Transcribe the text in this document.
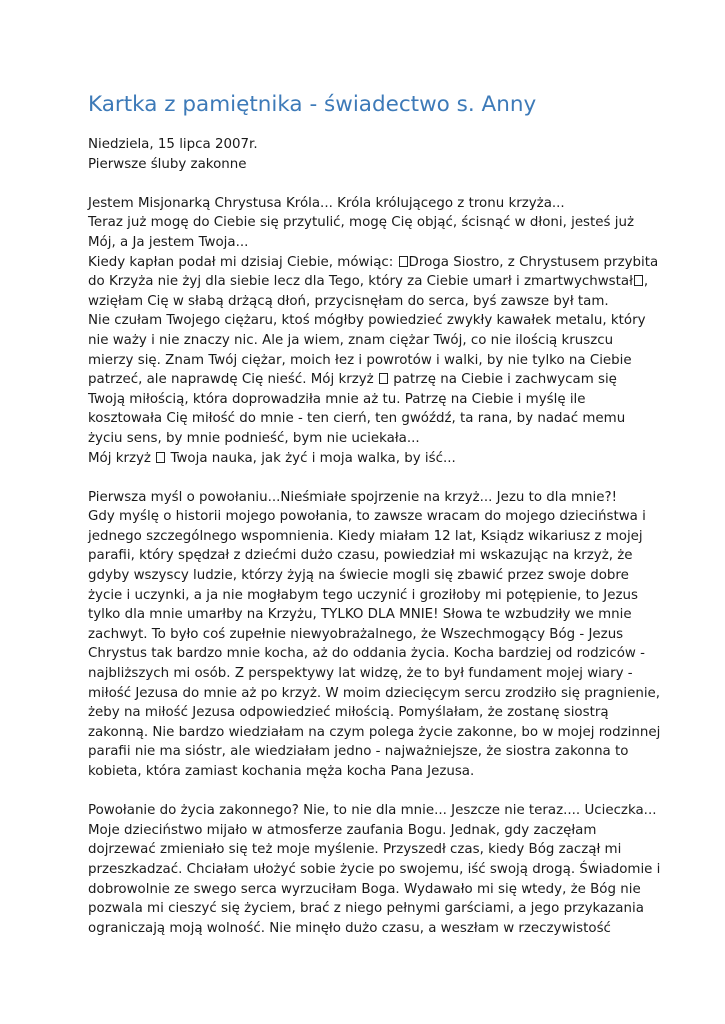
Kartka z pamiętnika - świadectwo s. Anny

Niedziela, 15 lipca 2007r.

Pierwsze śluby zakonne

Jestem Misjonarką Chrystusa Króla... Króla królującego z tronu krzyża...
Teraz już mogę do Ciebie się przytulić, mogę Cię objąć, ścisnąć w dłoni, jesteś już
Mój, a Ja jestem Twoja...
Kiedy kapłan podał mi dzisiaj Ciebie, mówiąc: Droga Siostro, z Chrystusem przybita
do Krzyża nie żyj dla siebie lecz dla Tego, który za Ciebie umarł i zmartwychwstał ,
wzięłam Cię w słabą drżącą dłoń, przycisnęłam do serca, byś zawsze był tam.
Nie czułam Twojego ciężaru, ktoś mógłby powiedzieć zwykły kawałek metalu, który
nie waży i nie znaczy nic. Ale ja wiem, znam ciężar Twój, co nie ilością kruszcu
mierzy się. Znam Twój ciężar, moich łez i powrotów i walki, by nie tylko na Ciebie
patrzeć, ale naprawdę Cię nieść. Mój krzyż  patrzę na Ciebie i zachwycam się
Twoją miłością, która doprowadziła mnie aż tu. Patrzę na Ciebie i myślę ile
kosztowała Cię miłość do mnie - ten cierń, ten gwóźdź, ta rana, by nadać memu
życiu sens, by mnie podnieść, bym nie uciekała...
Mój krzyż  Twoja nauka, jak żyć i moja walka, by iść...
Pierwsza myśl o powołaniu...Nieśmiałe spojrzenie na krzyż... Jezu to dla mnie?!
Gdy myślę o historii mojego powołania, to zawsze wracam do mojego dzieciństwa i
jednego szczególnego wspomnienia. Kiedy miałam 12 lat, Ksiądz wikariusz z mojej
parafii, który spędzał z dziećmi dużo czasu, powiedział mi wskazując na krzyż, że
gdyby wszyscy ludzie, którzy żyją na świecie mogli się zbawić przez swoje dobre
życie i uczynki, a ja nie mogłabym tego uczynić i groziłoby mi potępienie, to Jezus
tylko dla mnie umarłby na Krzyżu, TYLKO DLA MNIE! Słowa te wzbudziły we mnie
zachwyt. To było coś zupełnie niewyobrażalnego, że Wszechmogący Bóg - Jezus
Chrystus tak bardzo mnie kocha, aż do oddania życia. Kocha bardziej od rodziców -
najbliższych mi osób. Z perspektywy lat widzę, że to był fundament mojej wiary -
miłość Jezusa do mnie aż po krzyż. W moim dziecięcym sercu zrodziło się pragnienie,
żeby na miłość Jezusa odpowiedzieć miłością. Pomyślałam, że zostanę siostrą
zakonną. Nie bardzo wiedziałam na czym polega życie zakonne, bo w mojej rodzinnej
parafii nie ma sióstr, ale wiedziałam jedno - najważniejsze, że siostra zakonna to
kobieta, która zamiast kochania męża kocha Pana Jezusa.
Powołanie do życia zakonnego? Nie, to nie dla mnie... Jeszcze nie teraz.... Ucieczka...
Moje dzieciństwo mijało w atmosferze zaufania Bogu. Jednak, gdy zaczęłam
dojrzewać zmieniało się też moje myślenie. Przyszedł czas, kiedy Bóg zaczął mi
przeszkadzać. Chciałam ułożyć sobie życie po swojemu, iść swoją drogą. Świadomie i
dobrowolnie ze swego serca wyrzuciłam Boga. Wydawało mi się wtedy, że Bóg nie
pozwala mi cieszyć się życiem, brać z niego pełnymi garściami, a jego przykazania
ograniczają moją wolność. Nie minęło dużo czasu, a weszłam w rzeczywistość
